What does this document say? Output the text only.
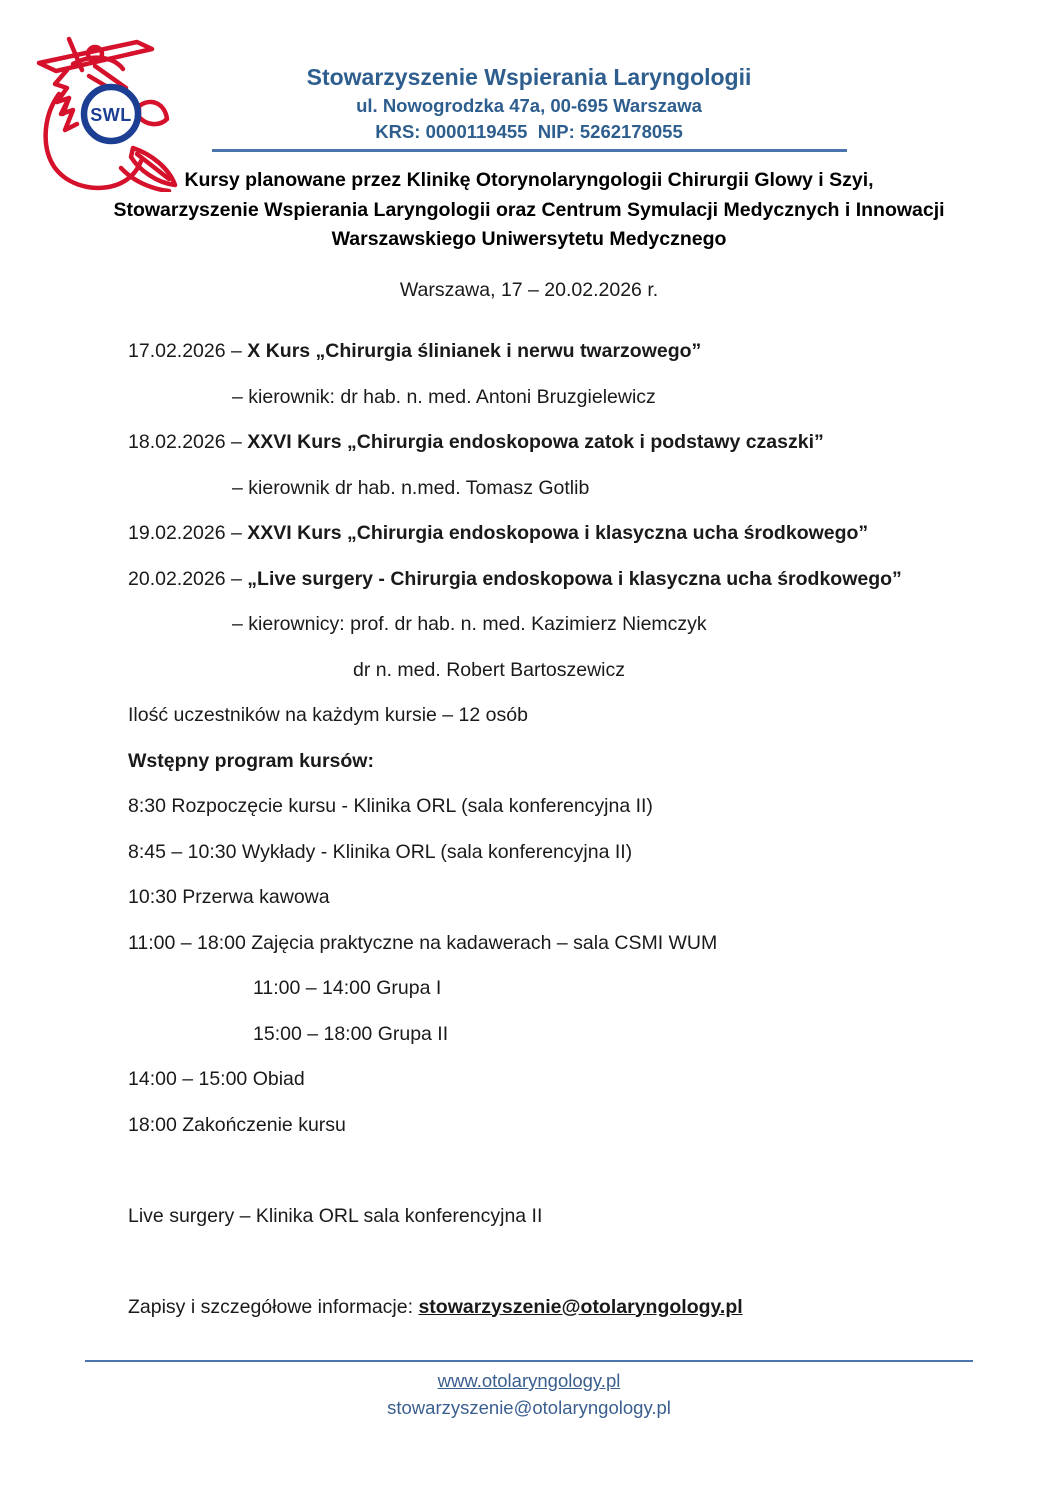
SWL
Stowarzyszenie Wspierania Laryngologii
ul. Nowogrodzka 47a, 00-695 Warszawa
KRS: 0000119455  NIP: 5262178055
Kursy planowane przez Klinikę Otorynolaryngologii Chirurgii Glowy i Szyi,
Stowarzyszenie Wspierania Laryngologii oraz Centrum Symulacji Medycznych i Innowacji
Warszawskiego Uniwersytetu Medycznego
Warszawa, 17 – 20.02.2026 r.

17.02.2026 – X Kurs „Chirurgia ślinianek i nerwu twarzowego”

– kierownik: dr hab. n. med. Antoni Bruzgielewicz

18.02.2026 – XXVI Kurs „Chirurgia endoskopowa zatok i podstawy czaszki”

– kierownik dr hab. n.med. Tomasz Gotlib

19.02.2026 – XXVI Kurs „Chirurgia endoskopowa i klasyczna ucha środkowego”

20.02.2026 – „Live surgery - Chirurgia endoskopowa i klasyczna ucha środkowego”

– kierownicy: prof. dr hab. n. med. Kazimierz Niemczyk

dr n. med. Robert Bartoszewicz

Ilość uczestników na każdym kursie – 12 osób

Wstępny program kursów:

8:30 Rozpoczęcie kursu - Klinika ORL (sala konferencyjna II)

8:45 – 10:30 Wykłady - Klinika ORL (sala konferencyjna II)

10:30 Przerwa kawowa

11:00 – 18:00 Zajęcia praktyczne na kadawerach – sala CSMI WUM

11:00 – 14:00 Grupa I

15:00 – 18:00 Grupa II

14:00 – 15:00 Obiad

18:00 Zakończenie kursu

Live surgery – Klinika ORL sala konferencyjna II

Zapisy i szczegółowe informacje: stowarzyszenie@otolaryngology.pl

www.otolaryngology.pl
stowarzyszenie@otolaryngology.pl
